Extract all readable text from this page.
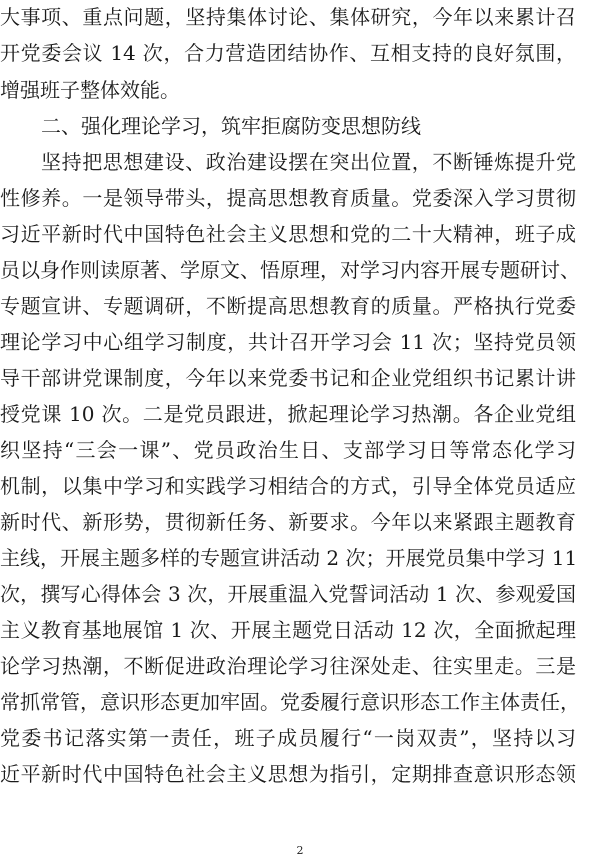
大事项、重点问题，坚持集体讨论、集体研究，今年以来累计召
开党委会议 14 次，合力营造团结协作、互相支持的良好氛围，
增强班子整体效能。
二、强化理论学习，筑牢拒腐防变思想防线
坚持把思想建设、政治建设摆在突出位置，不断锤炼提升党
性修养。一是领导带头，提高思想教育质量。党委深入学习贯彻
习近平新时代中国特色社会主义思想和党的二十大精神，班子成
员以身作则读原著、学原文、悟原理，对学习内容开展专题研讨、
专题宣讲、专题调研，不断提高思想教育的质量。严格执行党委
理论学习中心组学习制度，共计召开学习会 11 次；坚持党员领
导干部讲党课制度，今年以来党委书记和企业党组织书记累计讲
授党课 10 次。二是党员跟进，掀起理论学习热潮。各企业党组
织坚持“三会一课”、党员政治生日、支部学习日等常态化学习
机制，以集中学习和实践学习相结合的方式，引导全体党员适应
新时代、新形势，贯彻新任务、新要求。今年以来紧跟主题教育
主线，开展主题多样的专题宣讲活动 2 次；开展党员集中学习 11
次，撰写心得体会 3 次，开展重温入党誓词活动 1 次、参观爱国
主义教育基地展馆 1 次、开展主题党日活动 12 次，全面掀起理
论学习热潮，不断促进政治理论学习往深处走、往实里走。三是
常抓常管，意识形态更加牢固。党委履行意识形态工作主体责任，
党委书记落实第一责任，班子成员履行“一岗双责”，坚持以习
近平新时代中国特色社会主义思想为指引，定期排查意识形态领
2
